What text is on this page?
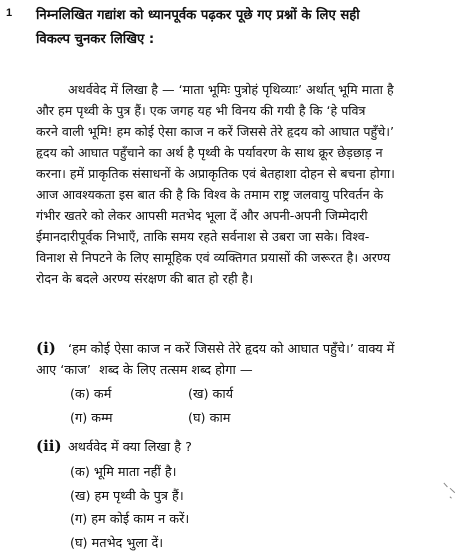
1 निम्नलिखित गद्यांश को ध्यानपूर्वक पढ़कर पूछे गए प्रश्नों के लिए सही
विकल्प चुनकर लिखिए :
अथर्ववेद में लिखा है — ‘माता भूमिः पुत्रोहं पृथिव्याः’ अर्थात् भूमि माता है
और हम पृथ्वी के पुत्र हैं। एक जगह यह भी विनय की गयी है कि ‘हे पवित्र
करने वाली भूमि! हम कोई ऐसा काज न करें जिससे तेरे हृदय को आघात पहुँचे।’
हृदय को आघात पहुँचाने का अर्थ है पृथ्वी के पर्यावरण के साथ क्रूर छेड़छाड़ न
करना। हमें प्राकृतिक संसाधनों के अप्राकृतिक एवं बेतहाशा दोहन से बचना होगा।
आज आवश्यकता इस बात की है कि विश्व के तमाम राष्ट्र जलवायु परिवर्तन के
गंभीर खतरे को लेकर आपसी मतभेद भूला दें और अपनी-अपनी जिम्मेदारी
ईमानदारीपूर्वक निभाएँ, ताकि समय रहते सर्वनाश से उबरा जा सके। विश्व-
विनाश से निपटने के लिए सामूहिक एवं व्यक्तिगत प्रयासों की जरूरत है। अरण्य
रोदन के बदले अरण्य संरक्षण की बात हो रही है।
(i) ‘हम कोई ऐसा काज न करें जिससे तेरे हृदय को आघात पहुँचे।’ वाक्य में
आए ‘काज’  शब्द के लिए तत्सम शब्द होगा —
(क) कर्म	(ख) कार्य
(ग) कम्म	(घ) काम
(ii) अथर्ववेद में क्या लिखा है ?
(क) भूमि माता नहीं है।
(ख) हम पृथ्वी के पुत्र हैं।
(ग) हम कोई काम न करें।
(घ) मतभेद भुला दें।
